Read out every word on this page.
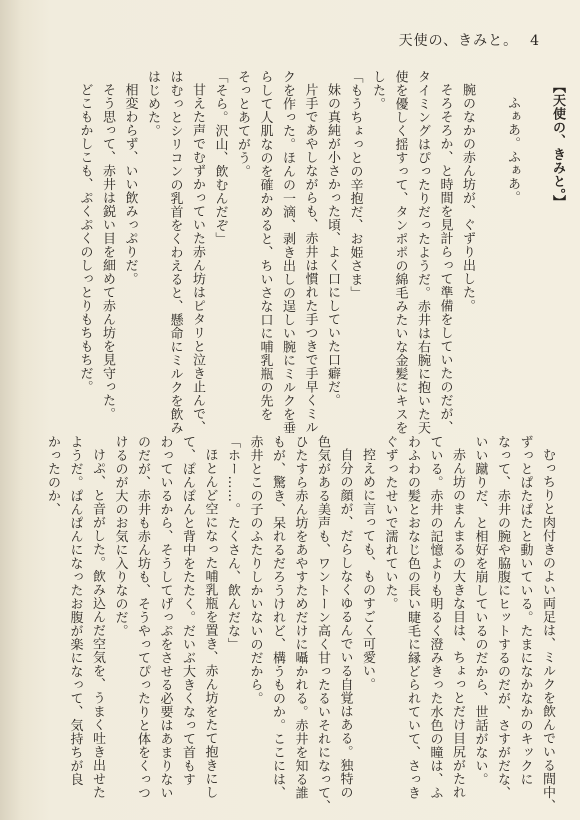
天使の、きみと。 4

【天使の、きみと。】

ふぁあ。ふぁあ。

腕のなかの赤ん坊が、ぐずり出した。

そろそろか、と時間を見計らって準備をしていたのだが、

タイミングはぴったりだったようだ。赤井は右腕に抱いた天

使を優しく揺すって、タンポポの綿毛みたいな金髪にキスを

した。

「もうちょっとの辛抱だ、お姫さま」

妹の真純が小さかった頃、よく口にしていた口癖だ。

片手であやしながらも、赤井は慣れた手つきで手早くミル

クを作った。ほんの一滴、剥き出しの逞しい腕にミルクを垂

らして人肌なのを確かめると、ちいさな口に哺乳瓶の先を

そっとあてがう。

「そら。沢山、飲むんだぞ」

甘えた声でむずかっていた赤ん坊はピタリと泣き止んで、

はむっとシリコンの乳首をくわえると、懸命にミルクを飲み

はじめた。

相変わらず、いい飲みっぷりだ。

そう思って、赤井は鋭い目を細めて赤ん坊を見守った。

どこもかしこも、ぷくぷくのしっとりもちもちだ。

むっちりと肉付きのよい両足は、ミルクを飲んでいる間中、

ずっとぱたぱたと動いている。たまになかなかのキックに

なって、赤井の腕や脇腹にヒットするのだが、さすがだな、

いい蹴りだ、と相好を崩しているのだから、世話がない。

赤ん坊のまんまるの大きな目は、ちょっとだけ目尻がたれ

ている。赤井の記憶よりも明るく澄みきった水色の瞳は、ふ

わふわの髪とおなじ色の長い睫毛に縁どられていて、さっき

ぐずったせいで濡れていた。

控えめに言っても、ものすごく可愛い。

自分の顔が、だらしなくゆるんでいる自覚はある。独特の

色気がある美声も、ワントーン高く甘ったるいそれになって、

ひたすら赤ん坊をあやすためだけに囁かれる。赤井を知る誰

もが、驚き、呆れるだろうけれど、構うものか。ここには、

赤井とこの子のふたりしかいないのだから。

「ホー……。たくさん、飲んだな」

ほとんど空になった哺乳瓶を置き、赤ん坊をたて抱きにし

て、ぽんぽんと背中をたたく。だいぶ大きくなって首もす

わっているから、そうしてげっぷをさせる必要はあまりない

のだが、赤井も赤ん坊も、そうやってぴったりと体をくっつ

けるのが大のお気に入りなのだ。

けぷ、と音がした。飲み込んだ空気を、うまく吐き出せた

ようだ。ぱんぱんになったお腹が楽になって、気持ちが良

かったのか、
